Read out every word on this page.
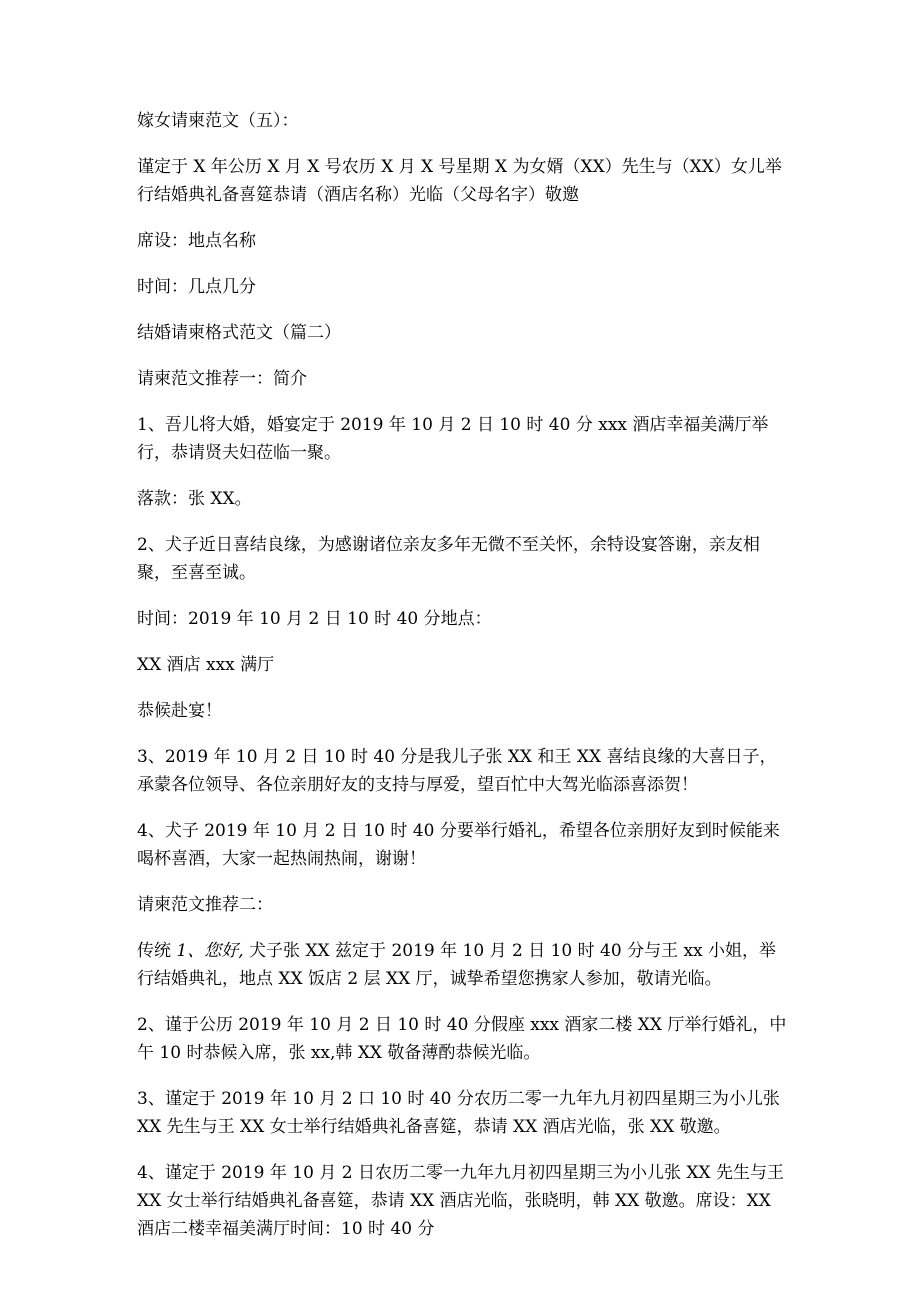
嫁女请柬范文（五）：

谨定于 X 年公历 X 月 X 号农历 X 月 X 号星期 X 为女婿（XX）先生与（XX）女儿举行结婚典礼备喜筵恭请（酒店名称）光临（父母名字）敬邀

席设：地点名称

时间：几点几分

结婚请柬格式范文（篇二）

请柬范文推荐一：简介

1、吾儿将大婚，婚宴定于 2019 年 10 月 2 日 10 时 40 分 xxx 酒店幸福美满厅举行，恭请贤夫妇莅临一聚。

落款：张 XX。

2、犬子近日喜结良缘，为感谢诸位亲友多年无微不至关怀，余特设宴答谢，亲友相聚，至喜至诚。

时间：2019 年 10 月 2 日 10 时 40 分地点：

XX 酒店 xxx 满厅

恭候赴宴！

3、2019 年 10 月 2 日 10 时 40 分是我儿子张 XX 和王 XX 喜结良缘的大喜日子，承蒙各位领导、各位亲朋好友的支持与厚爱，望百忙中大驾光临添喜添贺！

4、犬子 2019 年 10 月 2 日 10 时 40 分要举行婚礼，希望各位亲朋好友到时候能来喝杯喜酒，大家一起热闹热闹，谢谢！

请柬范文推荐二：

传统 1、您好, 犬子张 XX 兹定于 2019 年 10 月 2 日 10 时 40 分与王 xx 小姐，举行结婚典礼，地点 XX 饭店 2 层 XX 厅，诚挚希望您携家人参加，敬请光临。

2、谨于公历 2019 年 10 月 2 日 10 时 40 分假座 xxx 酒家二楼 XX 厅举行婚礼，中午 10 时恭候入席，张 xx,韩 XX 敬备薄酌恭候光临。

3、谨定于 2019 年 10 月 2 口 10 时 40 分农历二零一九年九月初四星期三为小儿张 XX 先生与王 XX 女士举行结婚典礼备喜筵，恭请 XX 酒店光临，张 XX 敬邀。

4、谨定于 2019 年 10 月 2 日农历二零一九年九月初四星期三为小儿张 XX 先生与王 XX 女士举行结婚典礼备喜筵，恭请 XX 酒店光临，张晓明，韩 XX 敬邀。席设：XX 酒店二楼幸福美满厅时间：10 时 40 分
